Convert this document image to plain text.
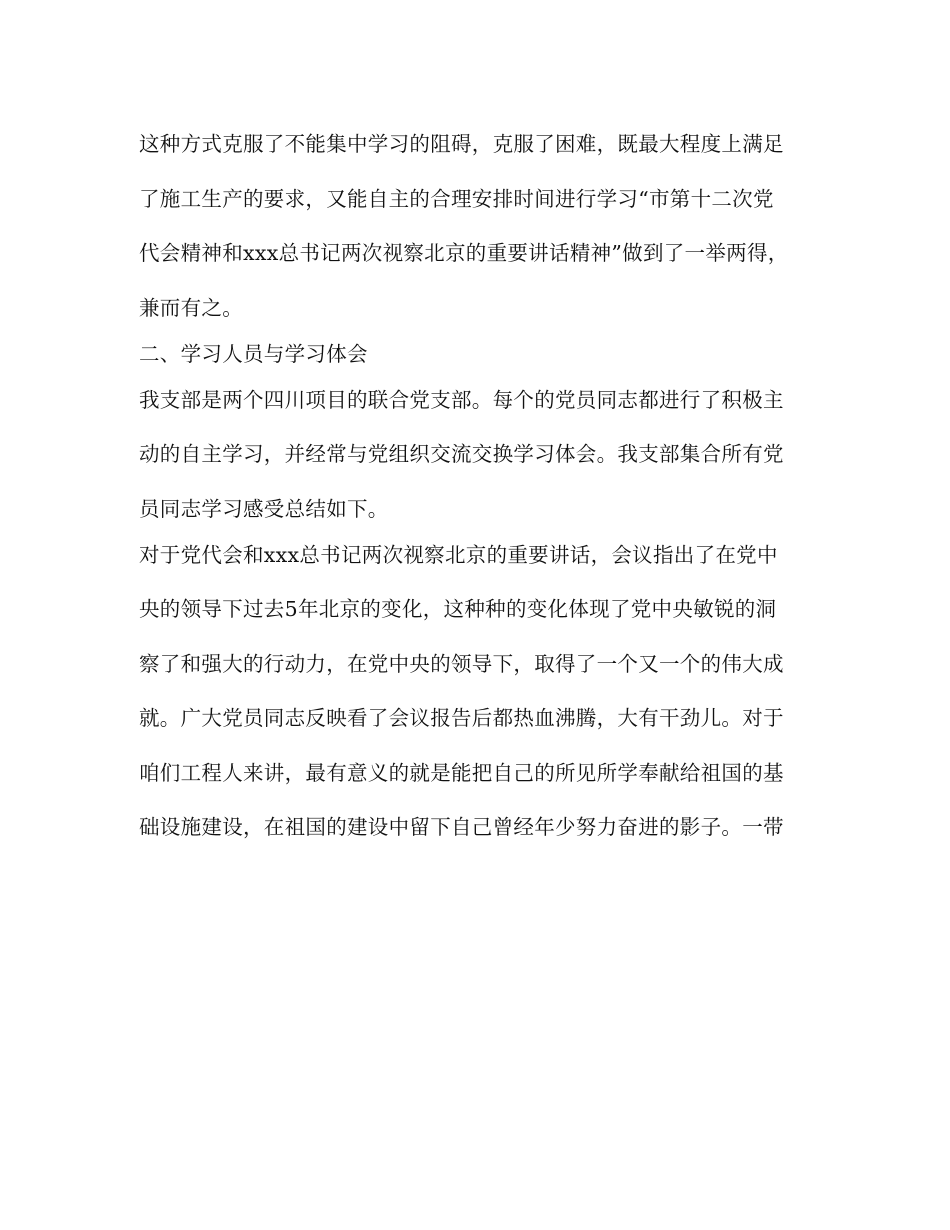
这种方式克服了不能集中学习的阻碍，克服了困难，既最大程度上满足
了施工生产的要求，又能自主的合理安排时间进行学习“市第十二次党
代会精神和xxx总书记两次视察北京的重要讲话精神”做到了一举两得，
兼而有之。
二、学习人员与学习体会
我支部是两个四川项目的联合党支部。每个的党员同志都进行了积极主
动的自主学习，并经常与党组织交流交换学习体会。我支部集合所有党
员同志学习感受总结如下。
对于党代会和xxx总书记两次视察北京的重要讲话，会议指出了在党中
央的领导下过去5年北京的变化，这种种的变化体现了党中央敏锐的洞
察了和强大的行动力，在党中央的领导下，取得了一个又一个的伟大成
就。广大党员同志反映看了会议报告后都热血沸腾，大有干劲儿。对于
咱们工程人来讲，最有意义的就是能把自己的所见所学奉献给祖国的基
础设施建设，在祖国的建设中留下自己曾经年少努力奋进的影子。一带
